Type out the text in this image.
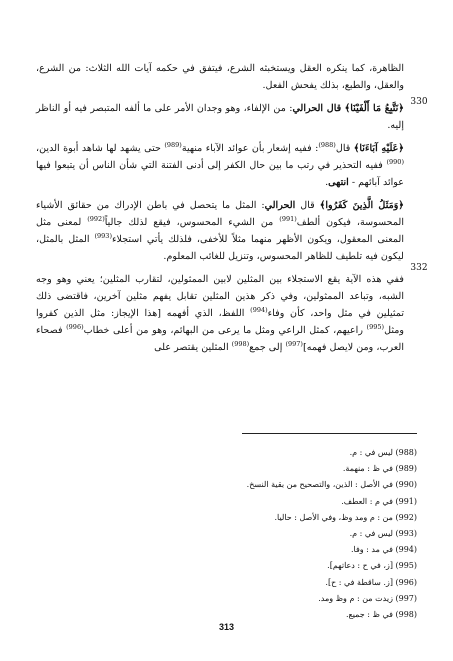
330
332

الظاهرة، كما ينكره العقل ويستخبثه الشرع، فيتفق في حكمه آيات الله الثلاث: من الشرع، والعقل، والطبع، بذلك يفحش الفعل.

﴿نَتَّبِعُ مَا أَلْفَيْنَا﴾ قال الحرالي: من الإلفاء، وهو وجدان الأمر على ما ألفه المتبصر فيه أو الناظر إليه.

﴿عَلَيْهِ آبَاءَنَا﴾ قال$^{(988)}$: ففيه إشعار بأن عوائد الآباء منهية$^{(989)}$ حتى يشهد لها شاهد أبوة الدين،$^{(990)}$ ففيه التحذير في رتب ما بين حال الكفر إلى أدنى الفتنة التي شأن الناس أن يتبعوا فيها عوائد آبائهم - انتهى.

﴿وَمَثَلُ الَّذِينَ كَفَرُوا﴾ قال الحرالي: المثل ما يتحصل في باطن الإدراك من حقائق الأشياء المحسوسة، فيكون ألطف$^{(991)}$ من الشيء المحسوس، فيقع لذلك جالياً$^{(992)}$ لمعنى مثل المعنى المعقول، ويكون الأظهر منهما مثلاً للأخفى، فلذلك يأتي استجلاء$^{(993)}$ المثل بالمثل، ليكون فيه تلطيف للظاهر المحسوس، وتنزيل للغائب المعلوم.

ففي هذه الآية يقع الاستجلاء بين المثلين لابين الممثولين، لتقارب المثلين؛ يعني وهو وجه الشبه، وتباعد الممثولين، وفي ذكر هذين المثلين تقابل يفهم مثلين آخرين، فاقتضى ذلك تمثيلين في مثل واحد، كأن وفاء$^{(994)}$ اللفظ، الذي أفهمه [هذا الإيجاز: مثل الذين كفروا ومثل$^{(995)}$ راعيهم، كمثل الراعي ومثل ما يرعى من البهائم، وهو من أعلى خطاب$^{(996)}$ فصحاء العرب، ومن لايصل فهمه]$^{(997)}$ إلى جمع$^{(998)}$ المثلين يقتصر على

(988) ليس في : م.
(989) في ظ : منهمة.
(990) في الأصل : الذين، والتصحيح من بقية النسخ.
(991) في م : العطف.
(992) من : م ومد وظ، وفي الأصل : حاليا.
(993) ليس في : م.
(994) في مد : وفا.
(995) [ز، في ح : دعاتهم].
(996) [ز. ساقطة في : ح].
(997) زيدت من : م وظ ومد.
(998) في ظ : جميع.
313
